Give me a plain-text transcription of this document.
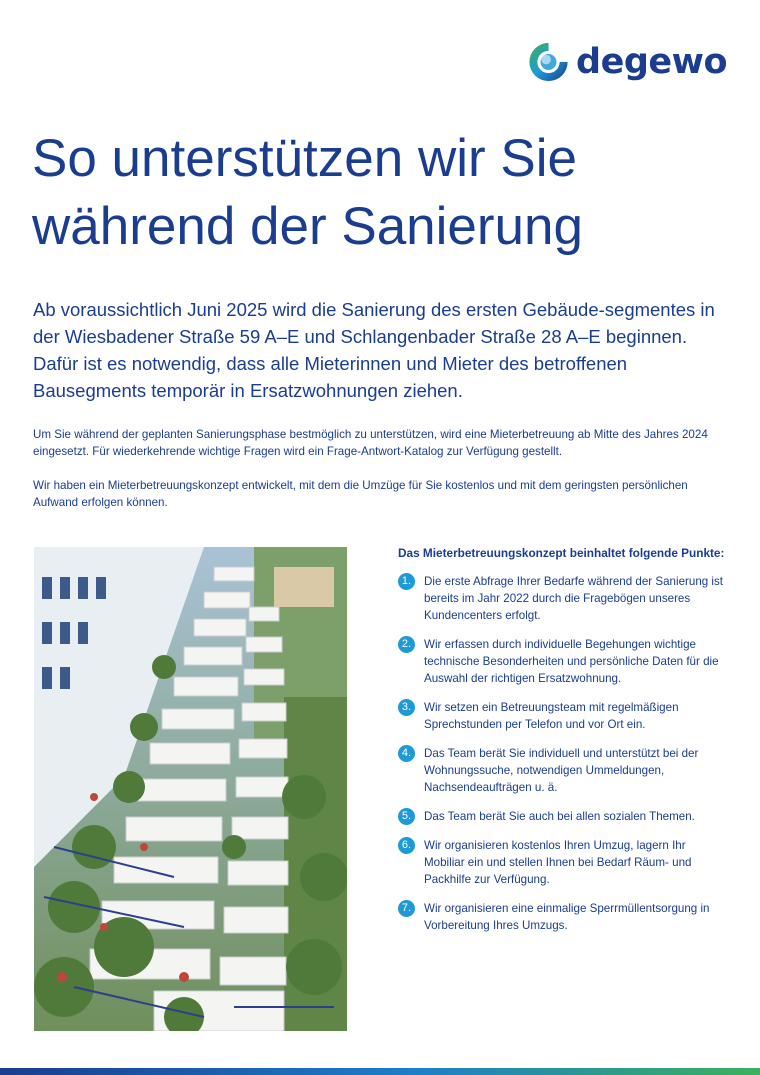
degewo
So unterstützen wir Sie während der Sanierung

Ab voraussichtlich Juni 2025 wird die Sanierung des ersten Gebäude-segmentes in der Wiesbadener Straße 59 A–E und Schlangenbader Straße 28 A–E beginnen. Dafür ist es notwendig, dass alle Mieterinnen und Mieter des betroffenen Bausegments temporär in Ersatzwohnungen ziehen.

Um Sie während der geplanten Sanierungsphase bestmöglich zu unterstützen, wird eine Mieterbetreuung ab Mitte des Jahres 2024 eingesetzt. Für wiederkehrende wichtige Fragen wird ein Frage-Antwort-Katalog zur Verfügung gestellt.

Wir haben ein Mieterbetreuungskonzept entwickelt, mit dem die Umzüge für Sie kostenlos und mit dem geringsten persönlichen Aufwand erfolgen können.

Das Mieterbetreuungskonzept beinhaltet folgende Punkte:

1.	Die erste Abfrage Ihrer Bedarfe während der Sanierung ist bereits im Jahr 2022 durch die Fragebögen unseres Kundencenters erfolgt.
2.	Wir erfassen durch individuelle Begehungen wichtige technische Besonderheiten und persönliche Daten für die Auswahl der richtigen Ersatzwohnung.
3.	Wir setzen ein Betreuungsteam mit regelmäßigen Sprechstunden per Telefon und vor Ort ein.
4.	Das Team berät Sie individuell und unterstützt bei der Wohnungssuche, notwendigen Ummeldungen, Nachsendeaufträgen u. ä.
5.	Das Team berät Sie auch bei allen sozialen Themen.
6.	Wir organisieren kostenlos Ihren Umzug, lagern Ihr Mobiliar ein und stellen Ihnen bei Bedarf Räum- und Packhilfe zur Verfügung.
7.	Wir organisieren eine einmalige Sperrmüllentsorgung in Vorbereitung Ihres Umzugs.
